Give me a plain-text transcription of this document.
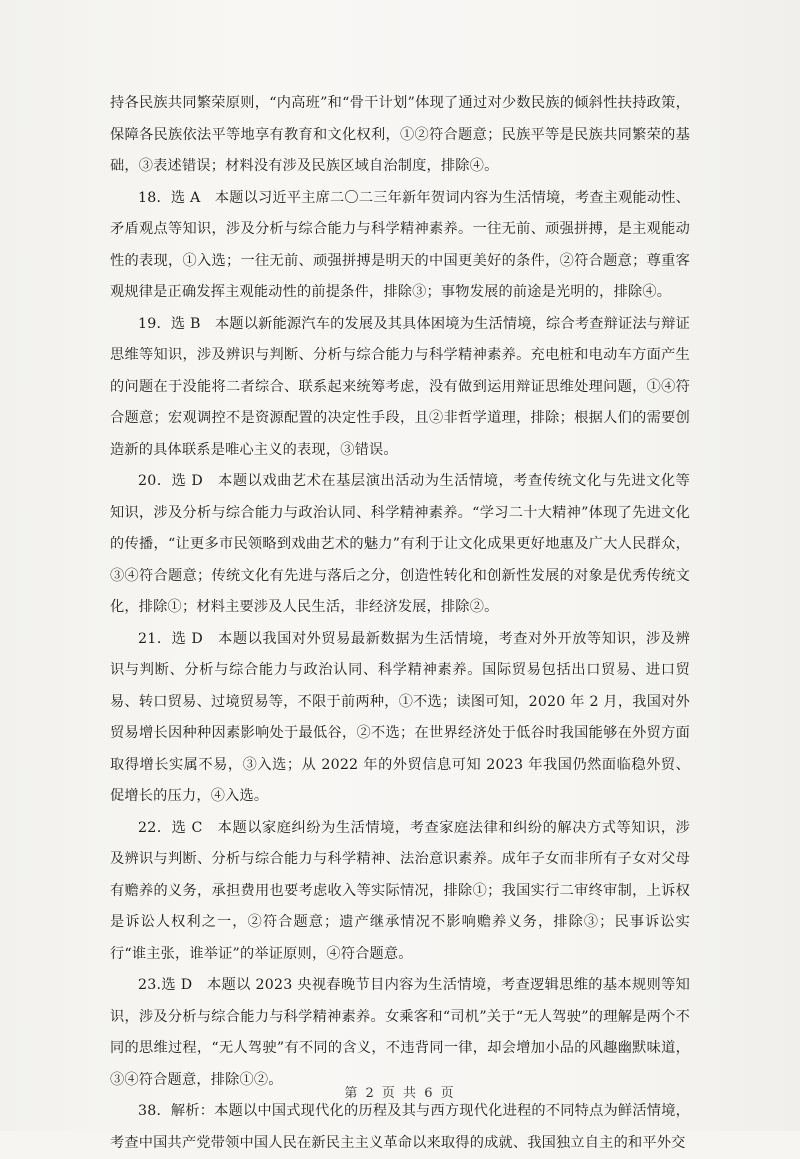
持各民族共同繁荣原则，“内高班”和“骨干计划”体现了通过对少数民族的倾斜性扶持政策，保障各民族依法平等地享有教育和文化权利，①②符合题意；民族平等是民族共同繁荣的基础，③表述错误；材料没有涉及民族区域自治制度，排除④。

18．选 A　本题以习近平主席二〇二三年新年贺词内容为生活情境，考查主观能动性、矛盾观点等知识，涉及分析与综合能力与科学精神素养。一往无前、顽强拼搏，是主观能动性的表现，①入选；一往无前、顽强拼搏是明天的中国更美好的条件，②符合题意；尊重客观规律是正确发挥主观能动性的前提条件，排除③；事物发展的前途是光明的，排除④。

19．选 B　本题以新能源汽车的发展及其具体困境为生活情境，综合考查辩证法与辩证思维等知识，涉及辨识与判断、分析与综合能力与科学精神素养。充电桩和电动车方面产生的问题在于没能将二者综合、联系起来统筹考虑，没有做到运用辩证思维处理问题，①④符合题意；宏观调控不是资源配置的决定性手段，且②非哲学道理，排除；根据人们的需要创造新的具体联系是唯心主义的表现，③错误。

20．选 D　本题以戏曲艺术在基层演出活动为生活情境，考查传统文化与先进文化等知识，涉及分析与综合能力与政治认同、科学精神素养。“学习二十大精神”体现了先进文化的传播，“让更多市民领略到戏曲艺术的魅力”有利于让文化成果更好地惠及广大人民群众，③④符合题意；传统文化有先进与落后之分，创造性转化和创新性发展的对象是优秀传统文化，排除①；材料主要涉及人民生活，非经济发展，排除②。

21．选 D　本题以我国对外贸易最新数据为生活情境，考查对外开放等知识，涉及辨识与判断、分析与综合能力与政治认同、科学精神素养。国际贸易包括出口贸易、进口贸易、转口贸易、过境贸易等，不限于前两种，①不选；读图可知，2020 年 2 月，我国对外贸易增长因种种因素影响处于最低谷，②不选；在世界经济处于低谷时我国能够在外贸方面取得增长实属不易，③入选；从 2022 年的外贸信息可知 2023 年我国仍然面临稳外贸、促增长的压力，④入选。

22．选 C　本题以家庭纠纷为生活情境，考查家庭法律和纠纷的解决方式等知识，涉及辨识与判断、分析与综合能力与科学精神、法治意识素养。成年子女而非所有子女对父母有赡养的义务，承担费用也要考虑收入等实际情况，排除①；我国实行二审终审制，上诉权是诉讼人权利之一，②符合题意；遗产继承情况不影响赡养义务，排除③；民事诉讼实行“谁主张，谁举证”的举证原则，④符合题意。

23.选 D　本题以 2023 央视春晚节目内容为生活情境，考查逻辑思维的基本规则等知识，涉及分析与综合能力与科学精神素养。女乘客和“司机”关于“无人驾驶”的理解是两个不同的思维过程，“无人驾驶”有不同的含义，不违背同一律，却会增加小品的风趣幽默味道，③④符合题意，排除①②。

38．解析：本题以中国式现代化的历程及其与西方现代化进程的不同特点为鲜活情境，考查中国共产党带领中国人民在新民主主义革命以来取得的成就、我国独立自主的和平外交

第 2 页 共 6 页
